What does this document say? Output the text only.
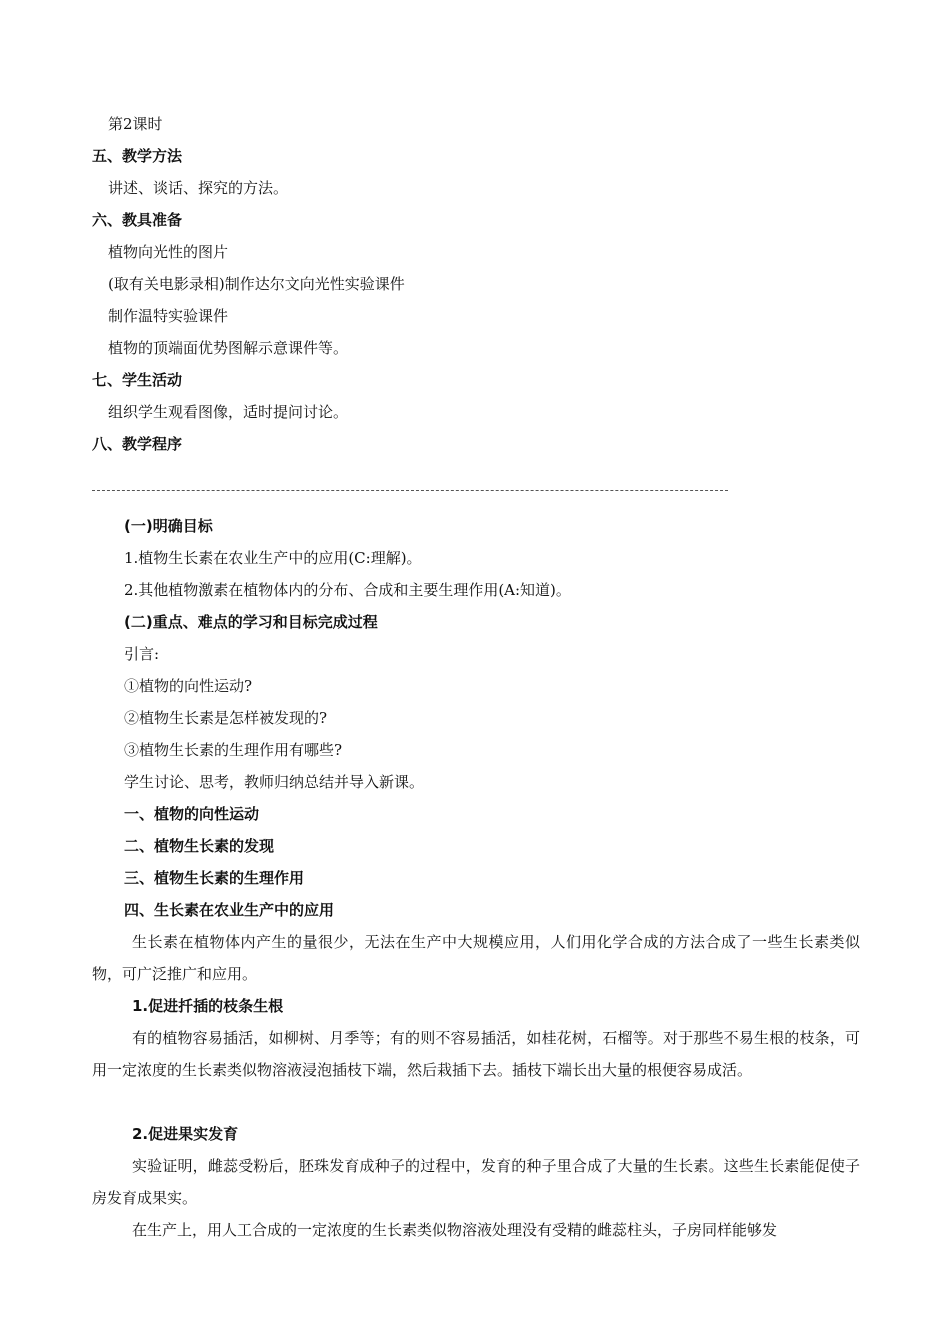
第2课时
五、教学方法
讲述、谈话、探究的方法。
六、教具准备
植物向光性的图片
(取有关电影录相)制作达尔文向光性实验课件
制作温特实验课件
植物的顶端面优势图解示意课件等。
七、学生活动
组织学生观看图像，适时提问讨论。
八、教学程序
(一)明确目标
1.植物生长素在农业生产中的应用(C:理解)。
2.其他植物激素在植物体内的分布、合成和主要生理作用(A:知道)。
(二)重点、难点的学习和目标完成过程
引言:
①植物的向性运动?
②植物生长素是怎样被发现的?
③植物生长素的生理作用有哪些?
学生讨论、思考，教师归纳总结并导入新课。
一、植物的向性运动
二、植物生长素的发现
三、植物生长素的生理作用
四、生长素在农业生产中的应用

生长素在植物体内产生的量很少，无法在生产中大规模应用，人们用化学合成的方法合成了一些生长素类似物，可广泛推广和应用。

1.促进扦插的枝条生根

有的植物容易插活，如柳树、月季等；有的则不容易插活，如桂花树，石榴等。对于那些不易生根的枝条，可用一定浓度的生长素类似物溶液浸泡插枝下端，然后栽插下去。插枝下端长出大量的根便容易成活。

2.促进果实发育

实验证明，雌蕊受粉后，胚珠发育成种子的过程中，发育的种子里合成了大量的生长素。这些生长素能促使子房发育成果实。

在生产上，用人工合成的一定浓度的生长素类似物溶液处理没有受精的雌蕊柱头，子房同样能够发
